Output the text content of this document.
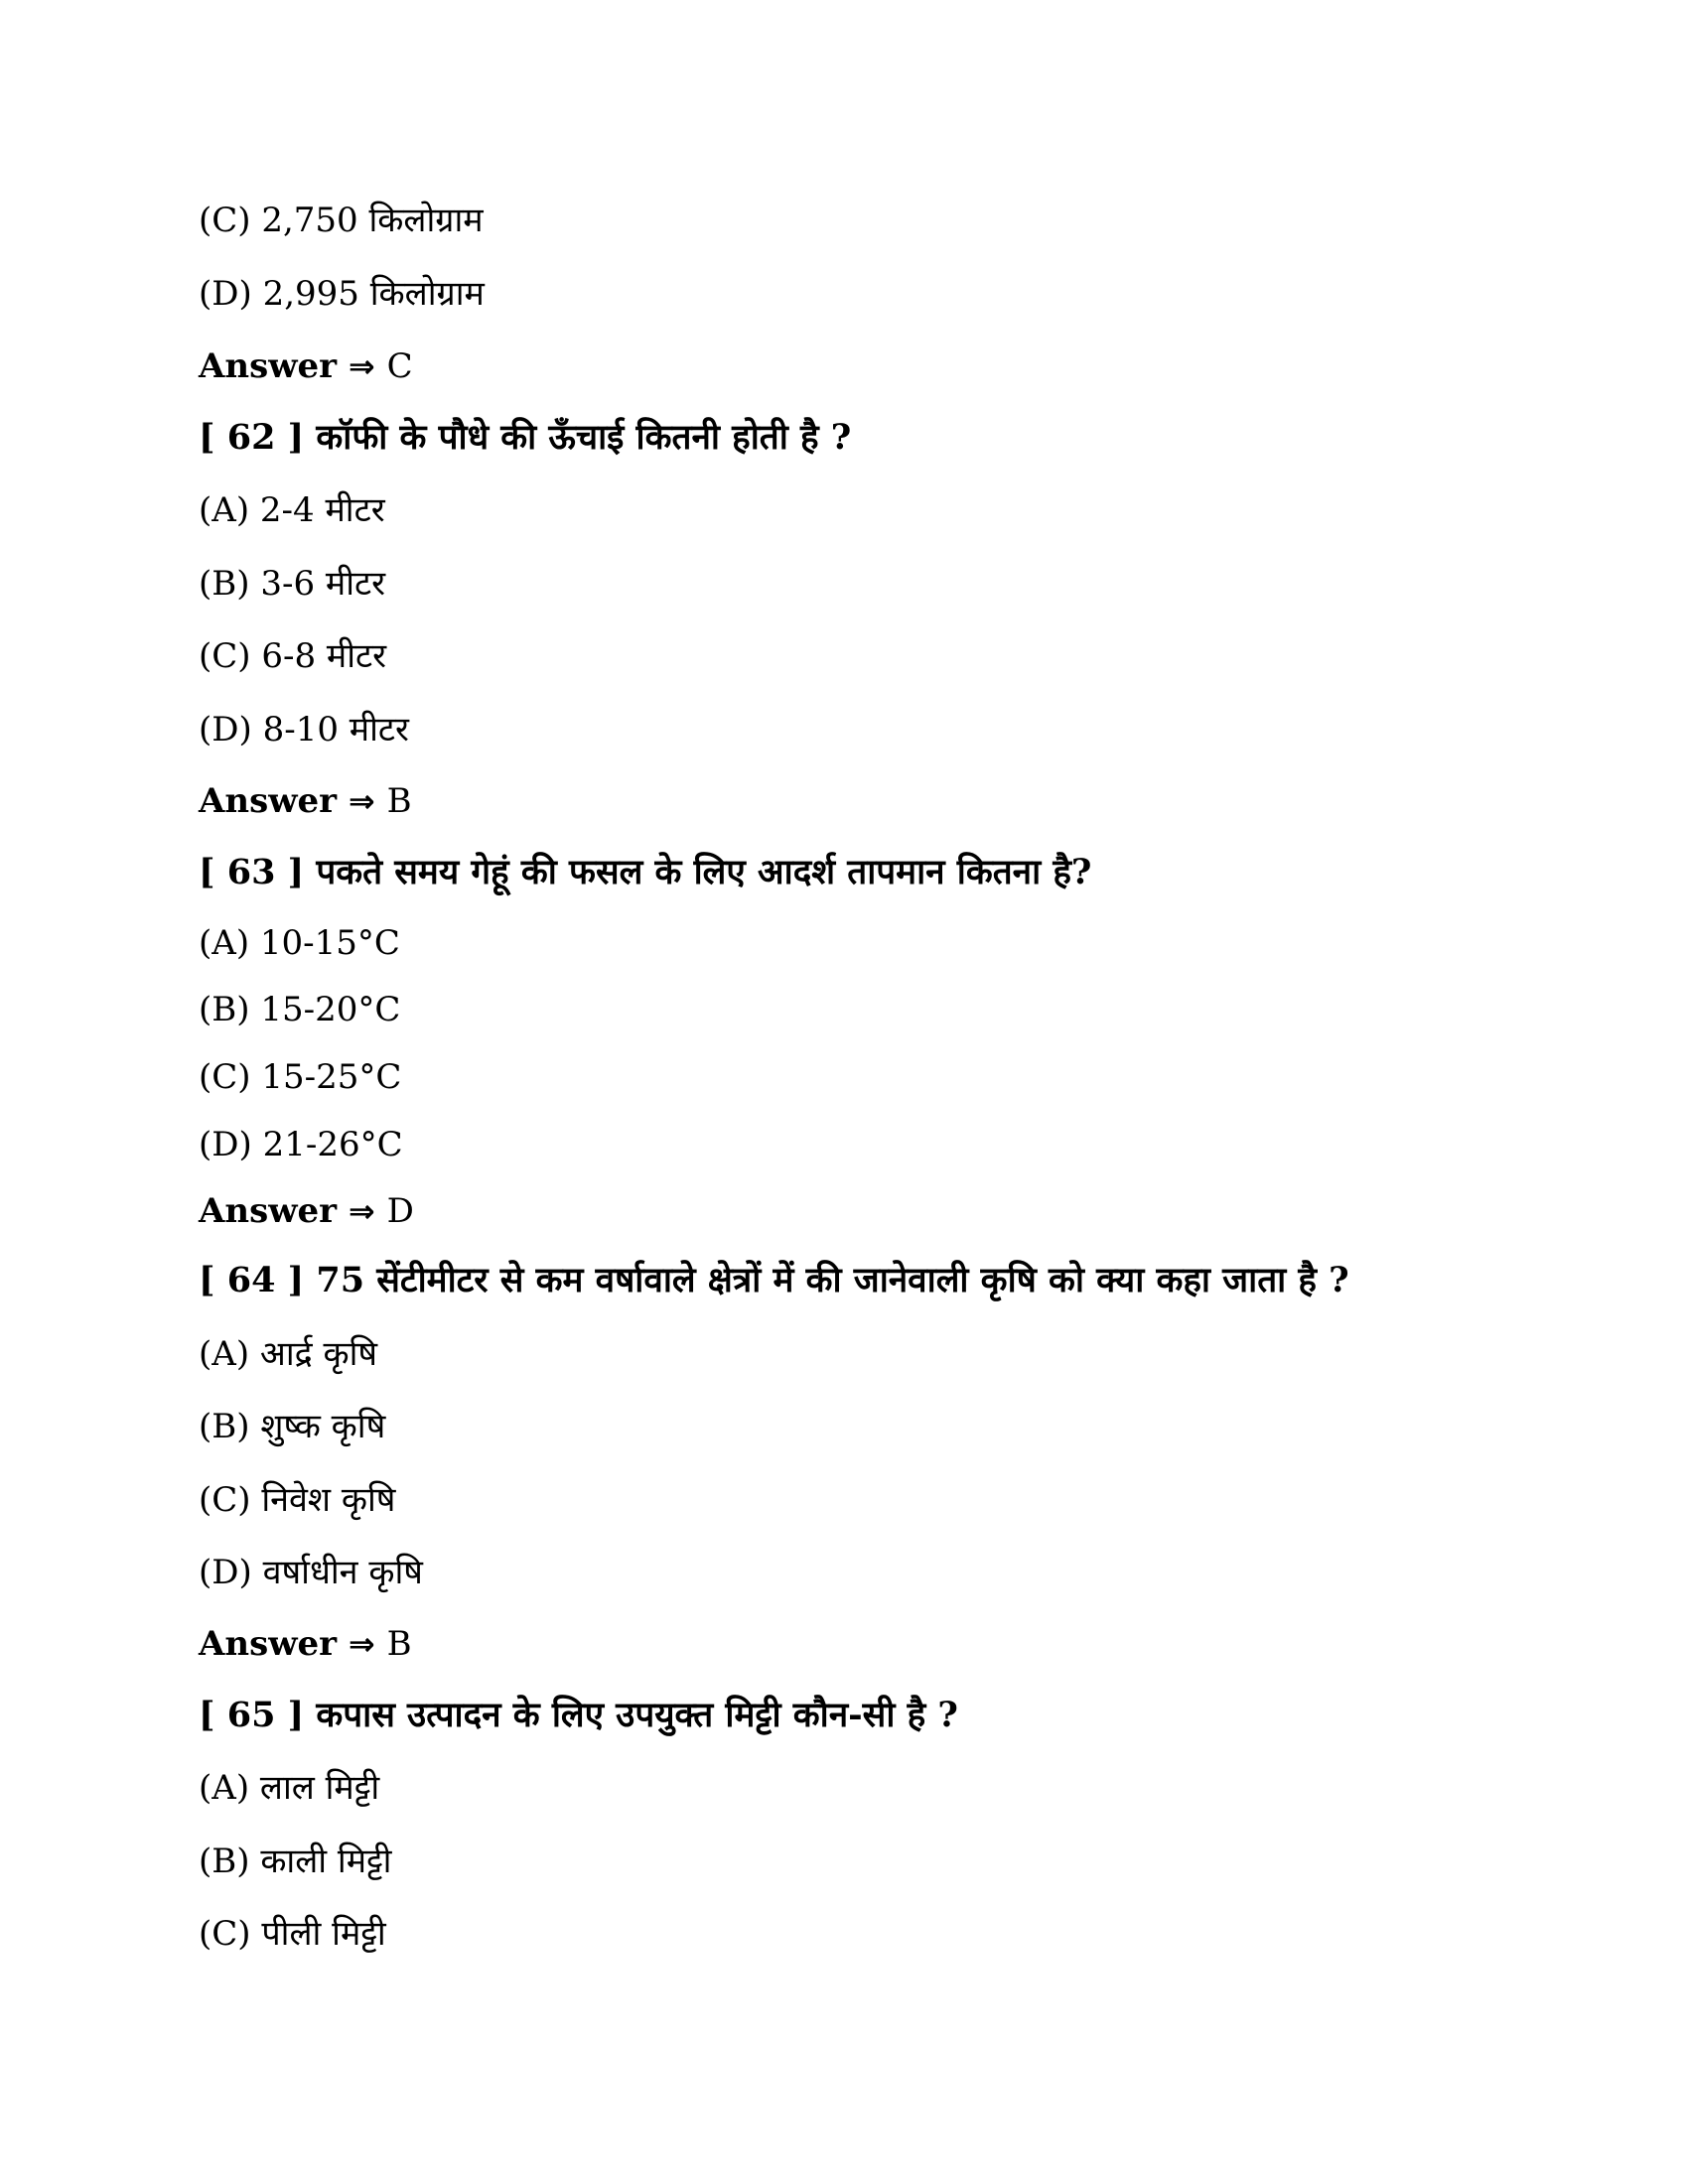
(C) 2,750 किलोग्राम
(D) 2,995 किलोग्राम
Answer ⇒ C
[ 62 ] कॉफी के पौधे की ऊँचाई कितनी होती है ?
(A) 2-4 मीटर
(B) 3-6 मीटर
(C) 6-8 मीटर
(D) 8-10 मीटर
Answer ⇒ B
[ 63 ] पकते समय गेहूं की फसल के लिए आदर्श तापमान कितना है?
(A) 10-15°C
(B) 15-20°C
(C) 15-25°C
(D) 21-26°C
Answer ⇒ D
[ 64 ] 75 सेंटीमीटर से कम वर्षावाले क्षेत्रों में की जानेवाली कृषि को क्या कहा जाता है ?
(A) आर्द्र कृषि
(B) शुष्क कृषि
(C) निवेश कृषि
(D) वर्षाधीन कृषि
Answer ⇒ B
[ 65 ] कपास उत्पादन के लिए उपयुक्त मिट्टी कौन-सी है ?
(A) लाल मिट्टी
(B) काली मिट्टी
(C) पीली मिट्टी
